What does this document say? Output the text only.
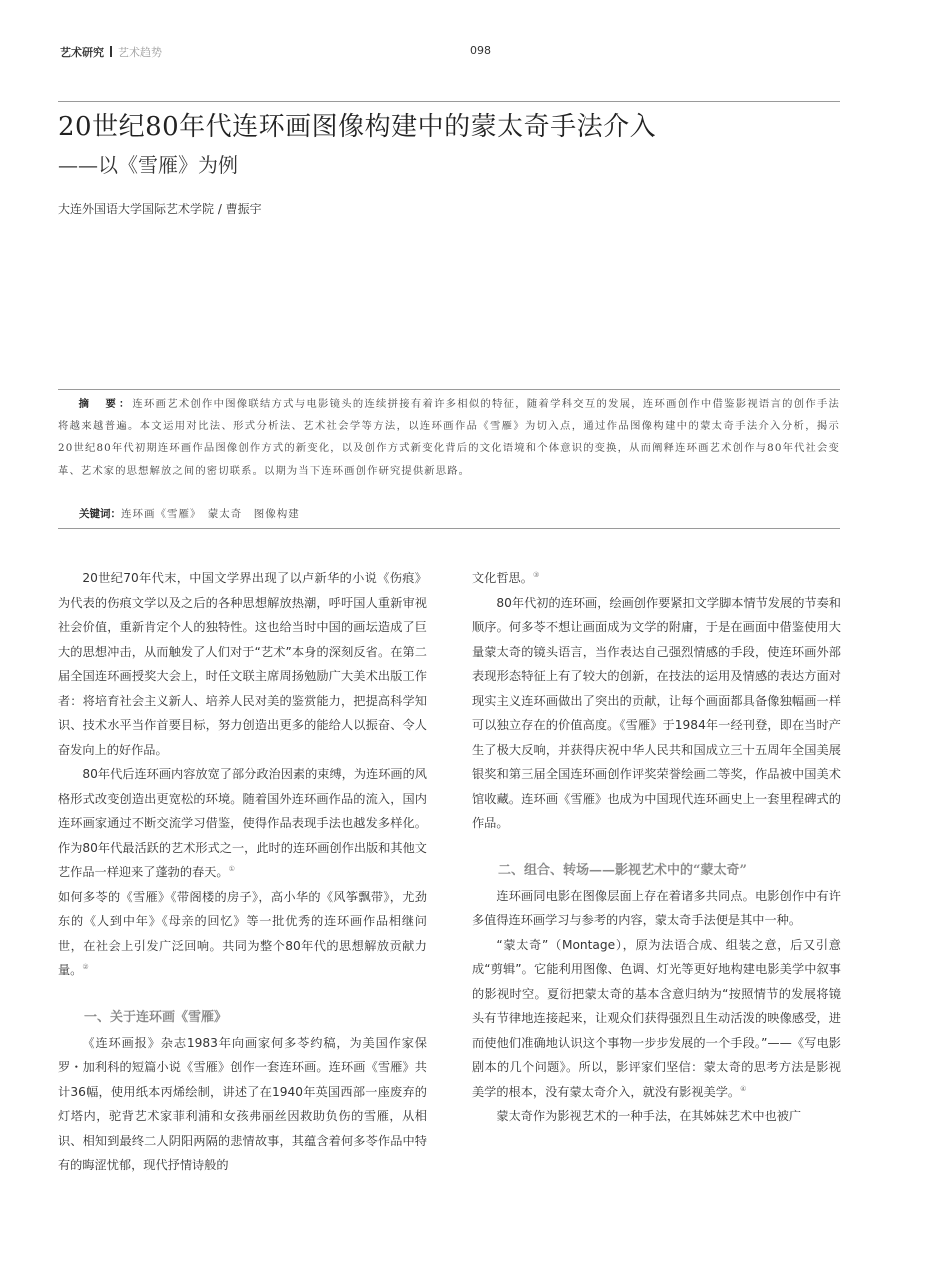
艺术研究 艺术趋势	098
20世纪80年代连环画图像构建中的蒙太奇手法介入
——以《雪雁》为例
大连外国语大学国际艺术学院 / 曹振宇

摘　要：连环画艺术创作中图像联结方式与电影镜头的连续拼接有着许多相似的特征，随着学科交互的发展，连环画创作中借鉴影视语言的创作手法将越来越普遍。本文运用对比法、形式分析法、艺术社会学等方法，以连环画作品《雪雁》为切入点，通过作品图像构建中的蒙太奇手法介入分析，揭示20世纪80年代初期连环画作品图像创作方式的新变化，以及创作方式新变化背后的文化语境和个体意识的变换，从而阐释连环画艺术创作与80年代社会变革、艺术家的思想解放之间的密切联系。以期为当下连环画创作研究提供新思路。

关键词：连环画《雪雁》　蒙太奇　图像构建

20世纪70年代末，中国文学界出现了以卢新华的小说《伤痕》为代表的伤痕文学以及之后的各种思想解放热潮，呼吁国人重新审视社会价值，重新肯定个人的独特性。这也给当时中国的画坛造成了巨大的思想冲击，从而触发了人们对于“艺术”本身的深刻反省。在第二届全国连环画授奖大会上，时任文联主席周扬勉励广大美术出版工作者：将培育社会主义新人、培养人民对美的鉴赏能力，把提高科学知识、技术水平当作首要目标，努力创造出更多的能给人以振奋、令人奋发向上的好作品。

80年代后连环画内容放宽了部分政治因素的束缚，为连环画的风格形式改变创造出更宽松的环境。随着国外连环画作品的流入，国内连环画家通过不断交流学习借鉴，使得作品表现手法也越发多样化。作为80年代最活跃的艺术形式之一，此时的连环画创作出版和其他文艺作品一样迎来了蓬勃的春天。①

如何多苓的《雪雁》《带阁楼的房子》，高小华的《风筝飘带》，尤劲东的《人到中年》《母亲的回忆》等一批优秀的连环画作品相继问世，在社会上引发广泛回响。共同为整个80年代的思想解放贡献力量。②

一、关于连环画《雪雁》

《连环画报》杂志1983年向画家何多苓约稿，为美国作家保罗・加利科的短篇小说《雪雁》创作一套连环画。连环画《雪雁》共计36幅，使用纸本丙烯绘制，讲述了在1940年英国西部一座废弃的灯塔内，驼背艺术家菲利浦和女孩弗丽丝因救助负伤的雪雁，从相识、相知到最终二人阴阳两隔的悲情故事，其蕴含着何多苓作品中特有的晦涩忧郁，现代抒情诗般的

文化哲思。③

80年代初的连环画，绘画创作要紧扣文学脚本情节发展的节奏和顺序。何多苓不想让画面成为文学的附庸，于是在画面中借鉴使用大量蒙太奇的镜头语言，当作表达自己强烈情感的手段，使连环画外部表现形态特征上有了较大的创新，在技法的运用及情感的表达方面对现实主义连环画做出了突出的贡献，让每个画面都具备像独幅画一样可以独立存在的价值高度。《雪雁》于1984年一经刊登，即在当时产生了极大反响，并获得庆祝中华人民共和国成立三十五周年全国美展银奖和第三届全国连环画创作评奖荣誉绘画二等奖，作品被中国美术馆收藏。连环画《雪雁》也成为中国现代连环画史上一套里程碑式的作品。

二、组合、转场——影视艺术中的“蒙太奇”

连环画同电影在图像层面上存在着诸多共同点。电影创作中有许多值得连环画学习与参考的内容，蒙太奇手法便是其中一种。

“蒙太奇”（Montage），原为法语合成、组装之意，后又引意成“剪辑”。它能利用图像、色调、灯光等更好地构建电影美学中叙事的影视时空。夏衍把蒙太奇的基本含意归纳为“按照情节的发展将镜头有节律地连接起来，让观众们获得强烈且生动活泼的映像感受，进而使他们准确地认识这个事物一步步发展的一个手段。”——《写电影剧本的几个问题》。所以，影评家们坚信：蒙太奇的思考方法是影视美学的根本，没有蒙太奇介入，就没有影视美学。④

蒙太奇作为影视艺术的一种手法，在其姊妹艺术中也被广
